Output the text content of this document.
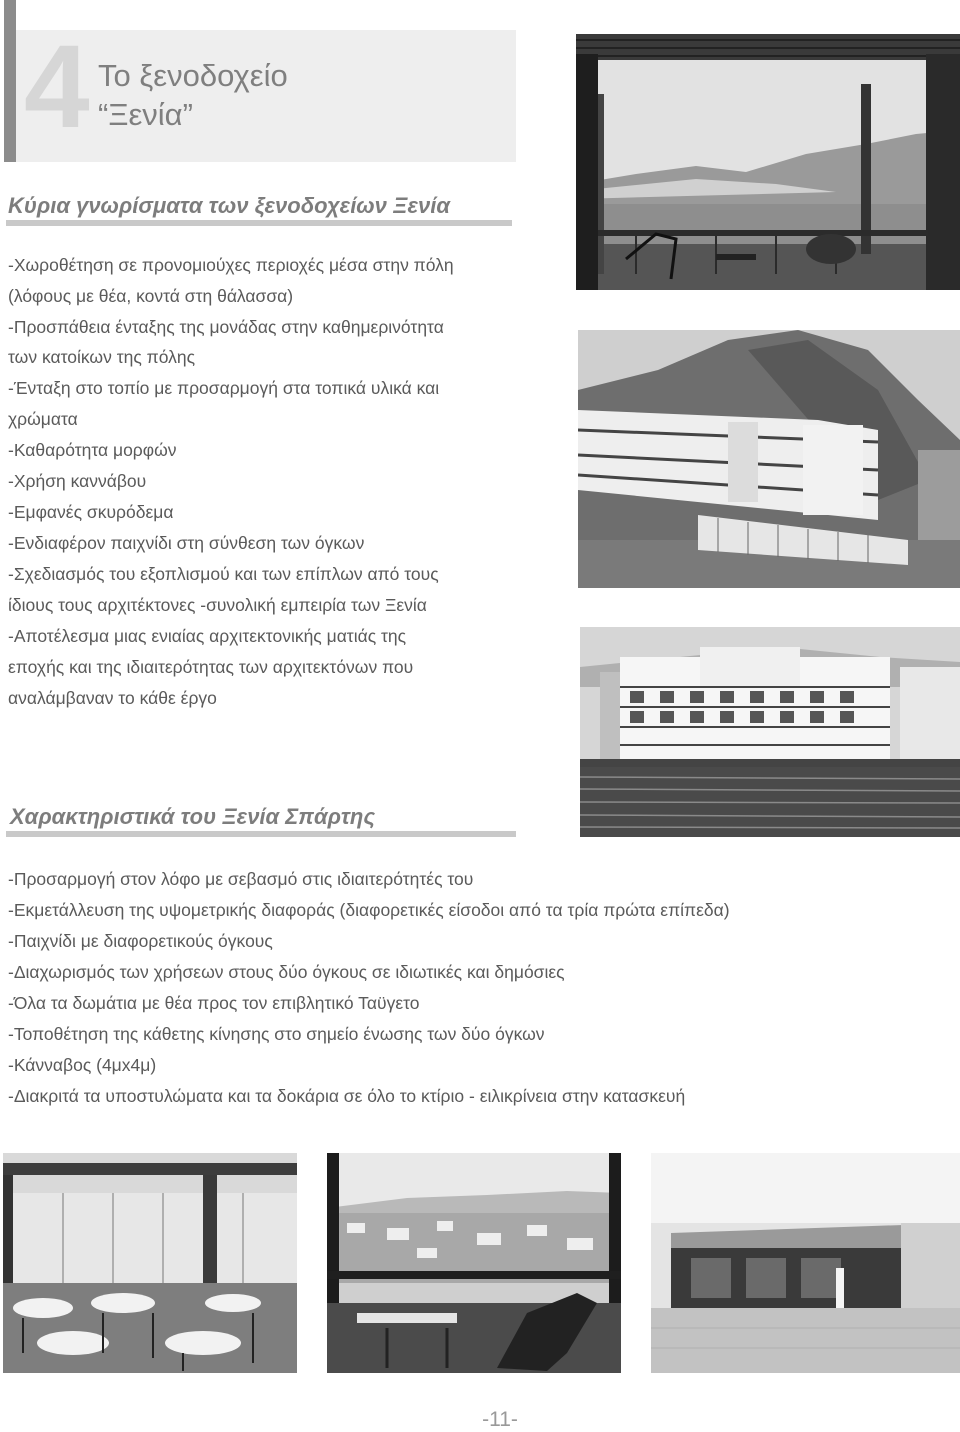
4 Το ξενοδοχείο
“Ξενία”
Κύρια γνωρίσματα των ξενοδοχείων Ξενία
-Χωροθέτηση σε προνομιούχες περιοχές μέσα στην πόλη
(λόφους με θέα, κοντά στη θάλασσα)
-Προσπάθεια ένταξης της μονάδας στην καθημερινότητα
των κατοίκων της πόλης
-Ένταξη στο τοπίο με προσαρμογή στα τοπικά υλικά και
χρώματα
-Καθαρότητα μορφών
-Χρήση καννάβου
-Εμφανές σκυρόδεμα
-Ενδιαφέρον παιχνίδι στη σύνθεση των όγκων
-Σχεδιασμός του εξοπλισμού και των επίπλων από τους
ίδιους τους αρχιτέκτονες -συνολική εμπειρία των Ξενία
-Αποτέλεσμα μιας ενιαίας αρχιτεκτονικής ματιάς της
εποχής και της ιδιαιτερότητας των αρχιτεκτόνων που
αναλάμβαναν το κάθε έργο
Χαρακτηριστικά του Ξενία Σπάρτης
-Προσαρμογή στον λόφο με σεβασμό στις ιδιαιτερότητές του
-Εκμετάλλευση της υψομετρικής διαφοράς (διαφορετικές είσοδοι από τα τρία πρώτα επίπεδα)
-Παιχνίδι με διαφορετικούς όγκους
-Διαχωρισμός των χρήσεων στους δύο όγκους σε ιδιωτικές και δημόσιες
-Όλα τα δωμάτια με θέα προς τον επιβλητικό Ταϋγετο
-Τοποθέτηση της κάθετης κίνησης στο σημείο ένωσης των δύο όγκων
-Κάνναβος (4μx4μ)
-Διακριτά τα υποστυλώματα και τα δοκάρια σε όλο το κτίριο - ειλικρίνεια στην κατασκευή
-11-
